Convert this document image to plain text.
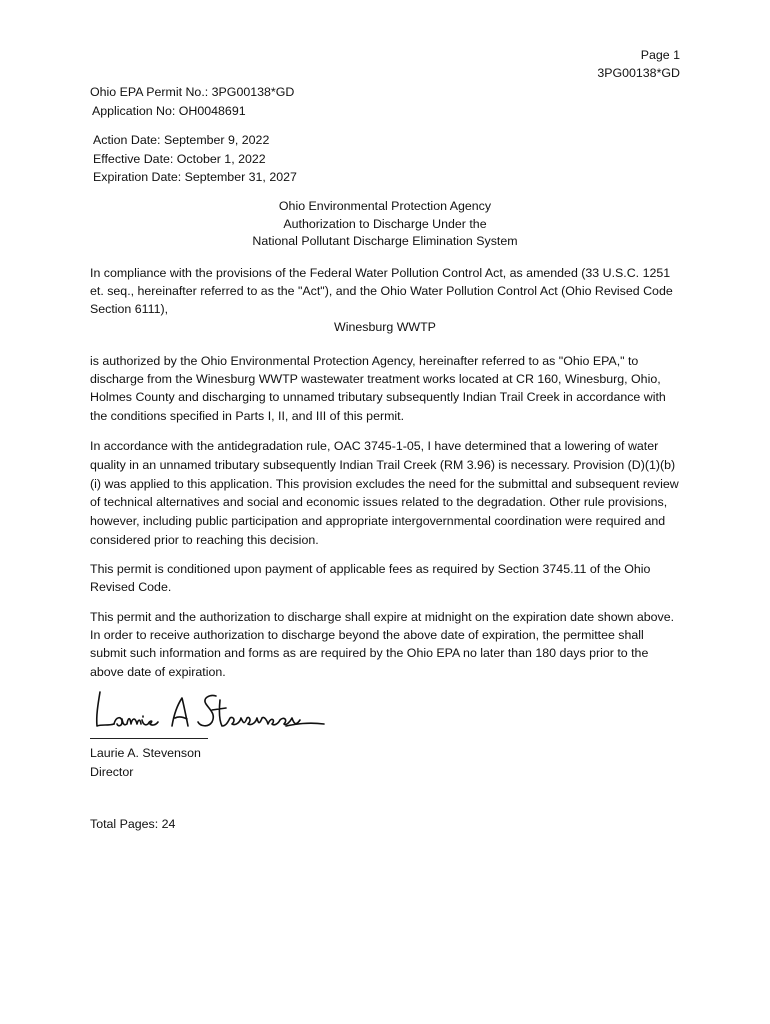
Page 1
3PG00138*GD
Ohio EPA Permit No.: 3PG00138*GD
Application No: OH0048691
Action Date: September 9, 2022
Effective Date: October 1, 2022
Expiration Date: September 31, 2027
Ohio Environmental Protection Agency
Authorization to Discharge Under the
National Pollutant Discharge Elimination System
In compliance with the provisions of the Federal Water Pollution Control Act, as amended (33 U.S.C. 1251 et. seq., hereinafter referred to as the "Act"), and the Ohio Water Pollution Control Act (Ohio Revised Code Section 6111),
Winesburg WWTP
is authorized by the Ohio Environmental Protection Agency, hereinafter referred to as "Ohio EPA," to discharge from the Winesburg WWTP wastewater treatment works located at CR 160, Winesburg, Ohio, Holmes County and discharging to unnamed tributary subsequently Indian Trail Creek in accordance with the conditions specified in Parts I, II, and III of this permit.
In accordance with the antidegradation rule, OAC 3745-1-05, I have determined that a lowering of water quality in an unnamed tributary subsequently Indian Trail Creek (RM 3.96) is necessary. Provision (D)(1)(b)(i) was applied to this application. This provision excludes the need for the submittal and subsequent review of technical alternatives and social and economic issues related to the degradation. Other rule provisions, however, including public participation and appropriate intergovernmental coordination were required and considered prior to reaching this decision.
This permit is conditioned upon payment of applicable fees as required by Section 3745.11 of the Ohio Revised Code.
This permit and the authorization to discharge shall expire at midnight on the expiration date shown above. In order to receive authorization to discharge beyond the above date of expiration, the permittee shall submit such information and forms as are required by the Ohio EPA no later than 180 days prior to the above date of expiration.
Laurie A. Stevenson
Director
Total Pages: 24
